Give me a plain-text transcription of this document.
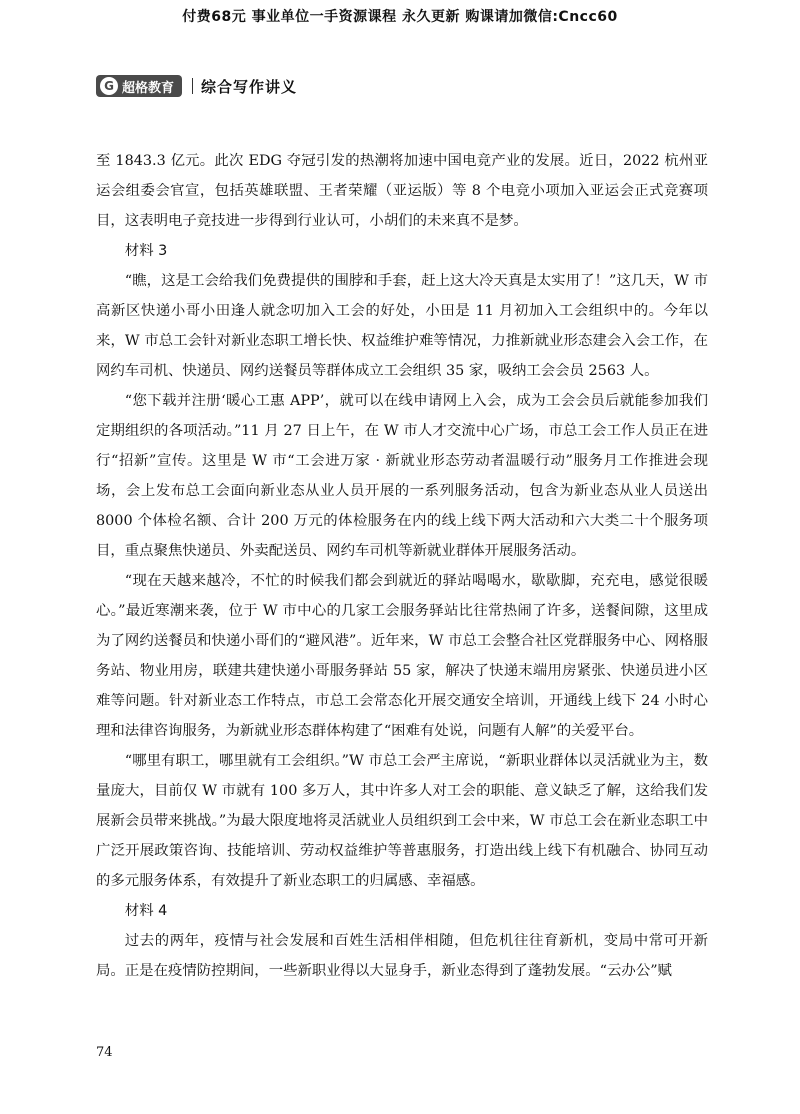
付费68元 事业单位一手资源课程 永久更新 购课请加微信:Cncc60
G 超格教育 综合写作讲义

至 1843.3 亿元。此次 EDG 夺冠引发的热潮将加速中国电竞产业的发展。近日，2022 杭州亚运会组委会官宣，包括英雄联盟、王者荣耀（亚运版）等 8 个电竞小项加入亚运会正式竞赛项目，这表明电子竞技进一步得到行业认可，小胡们的未来真不是梦。

材料 3

“瞧，这是工会给我们免费提供的围脖和手套，赶上这大冷天真是太实用了！”这几天，W 市高新区快递小哥小田逢人就念叨加入工会的好处，小田是 11 月初加入工会组织中的。今年以来，W 市总工会针对新业态职工增长快、权益维护难等情况，力推新就业形态建会入会工作，在网约车司机、快递员、网约送餐员等群体成立工会组织 35 家，吸纳工会会员 2563 人。

“您下载并注册‘暖心工惠 APP’，就可以在线申请网上入会，成为工会会员后就能参加我们定期组织的各项活动。”11 月 27 日上午，在 W 市人才交流中心广场，市总工会工作人员正在进行“招新”宣传。这里是 W 市“工会进万家 · 新就业形态劳动者温暖行动”服务月工作推进会现场，会上发布总工会面向新业态从业人员开展的一系列服务活动，包含为新业态从业人员送出 8000 个体检名额、合计 200 万元的体检服务在内的线上线下两大活动和六大类二十个服务项目，重点聚焦快递员、外卖配送员、网约车司机等新就业群体开展服务活动。

“现在天越来越冷，不忙的时候我们都会到就近的驿站喝喝水，歇歇脚，充充电，感觉很暖心。”最近寒潮来袭，位于 W 市中心的几家工会服务驿站比往常热闹了许多，送餐间隙，这里成为了网约送餐员和快递小哥们的“避风港”。近年来，W 市总工会整合社区党群服务中心、网格服务站、物业用房，联建共建快递小哥服务驿站 55 家，解决了快递末端用房紧张、快递员进小区难等问题。针对新业态工作特点，市总工会常态化开展交通安全培训，开通线上线下 24 小时心理和法律咨询服务，为新就业形态群体构建了“困难有处说，问题有人解”的关爱平台。

“哪里有职工，哪里就有工会组织。”W 市总工会严主席说，“新职业群体以灵活就业为主，数量庞大，目前仅 W 市就有 100 多万人，其中许多人对工会的职能、意义缺乏了解，这给我们发展新会员带来挑战。”为最大限度地将灵活就业人员组织到工会中来，W 市总工会在新业态职工中广泛开展政策咨询、技能培训、劳动权益维护等普惠服务，打造出线上线下有机融合、协同互动的多元服务体系，有效提升了新业态职工的归属感、幸福感。

材料 4

过去的两年，疫情与社会发展和百姓生活相伴相随，但危机往往育新机，变局中常可开新局。正是在疫情防控期间，一些新职业得以大显身手，新业态得到了蓬勃发展。“云办公”赋

74
